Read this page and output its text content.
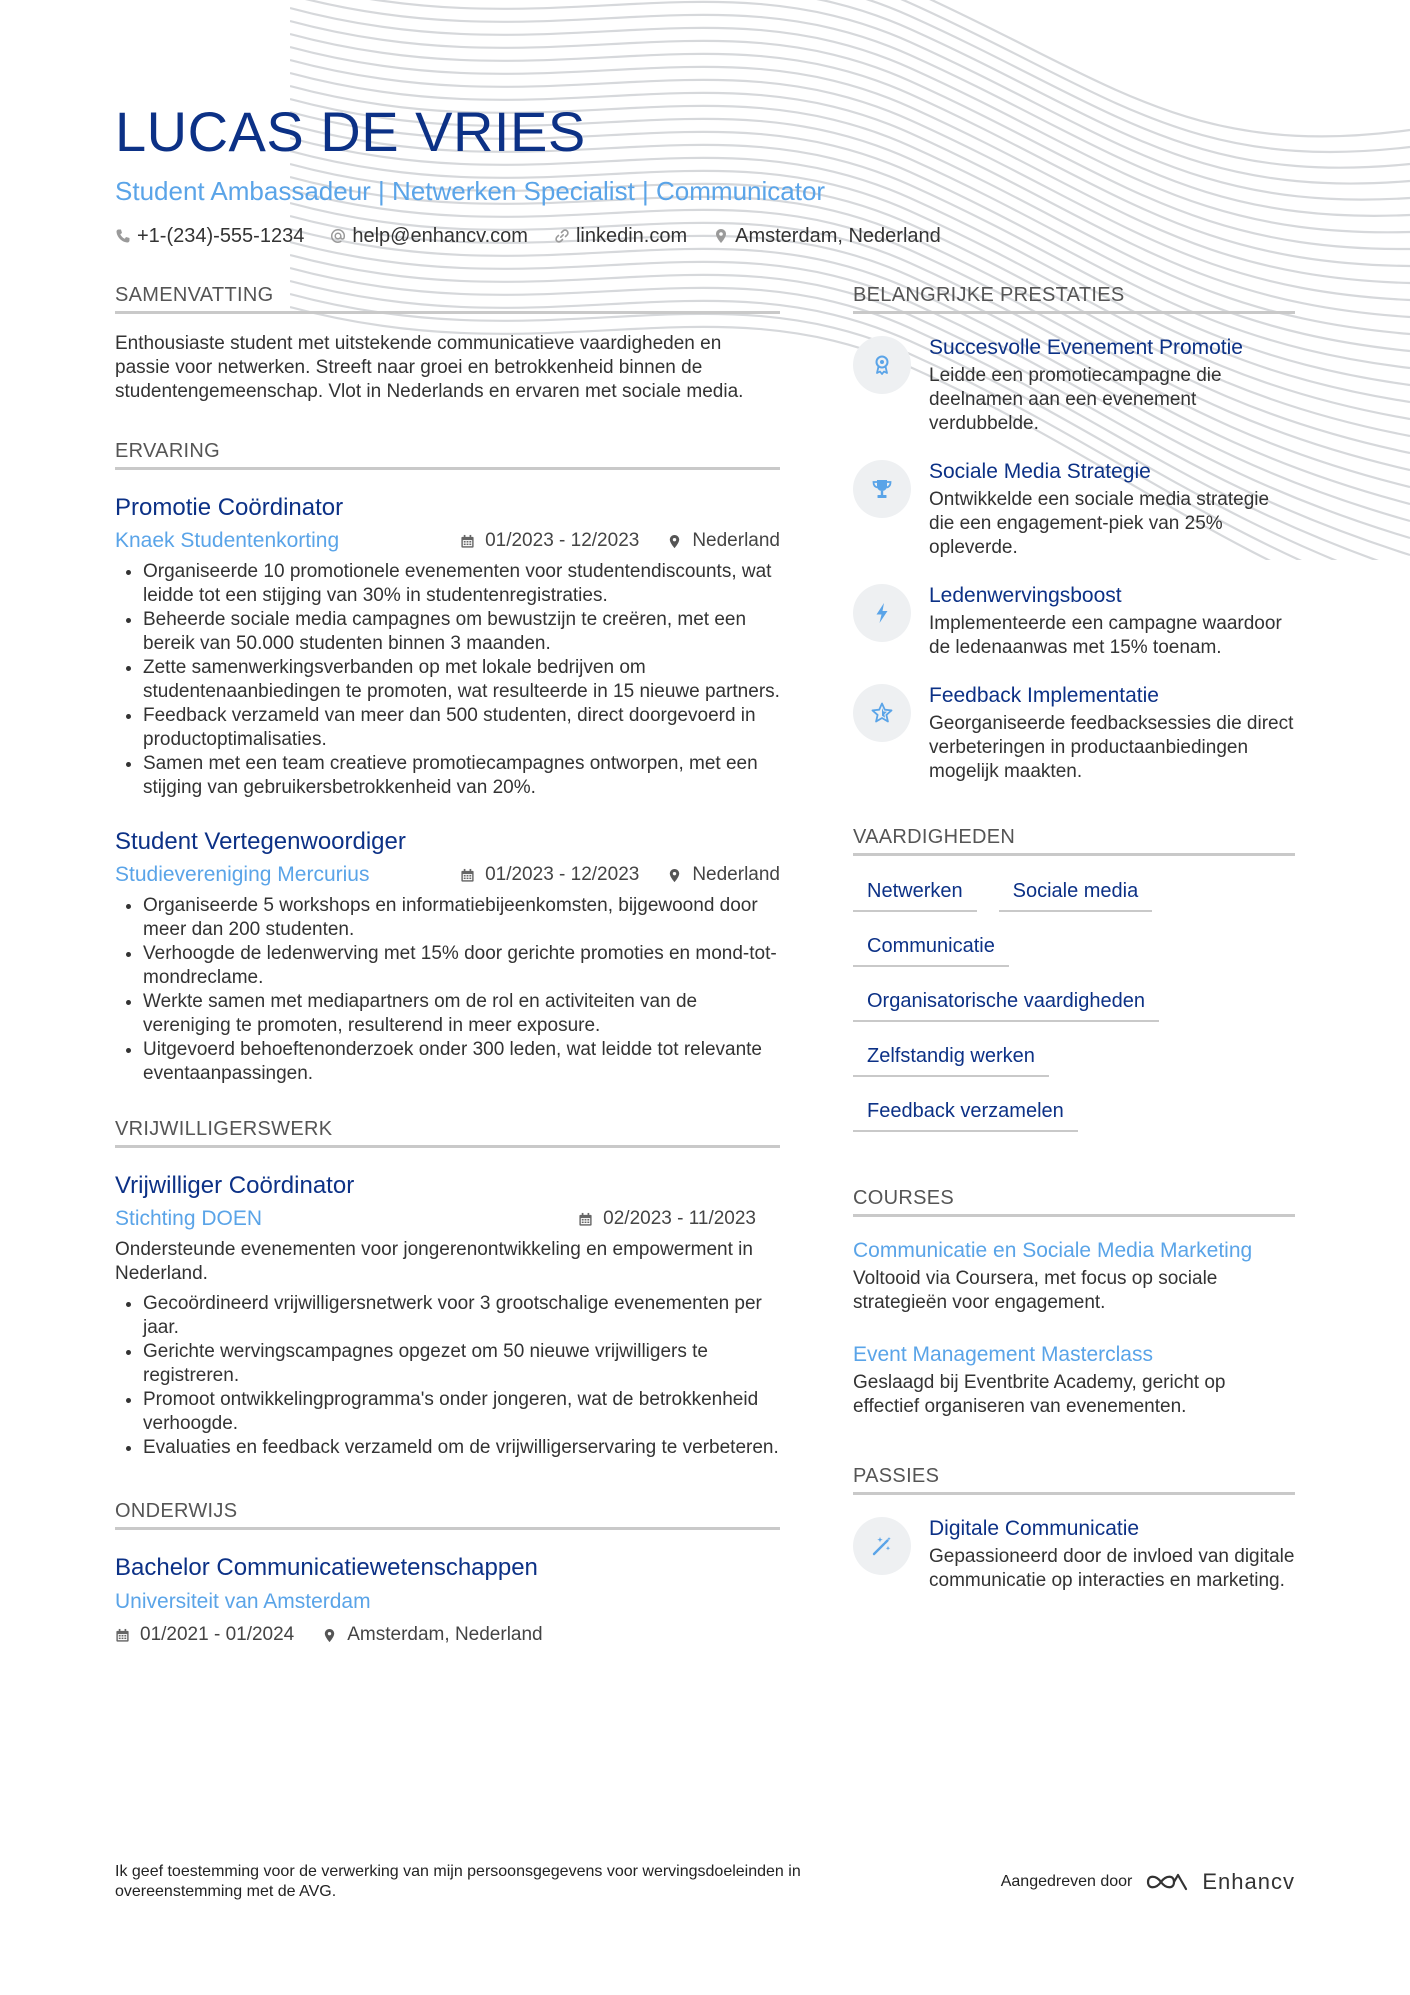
LUCAS DE VRIES
Student Ambassadeur | Netwerken Specialist | Communicator
+1-(234)-555-1234 help@enhancv.com linkedin.com Amsterdam, Nederland
SAMENVATTING

Enthousiaste student met uitstekende communicatieve vaardigheden en passie voor netwerken. Streeft naar groei en betrokkenheid binnen de studentengemeenschap. Vlot in Nederlands en ervaren met sociale media.

ERVARING
Promotie Coördinator
Knaek Studentenkorting	01/2023 - 12/2023	Nederland
Organiseerde 10 promotionele evenementen voor studentendiscounts, wat leidde tot een stijging van 30% in studentenregistraties.
Beheerde sociale media campagnes om bewustzijn te creëren, met een bereik van 50.000 studenten binnen 3 maanden.
Zette samenwerkingsverbanden op met lokale bedrijven om studentenaanbiedingen te promoten, wat resulteerde in 15 nieuwe partners.
Feedback verzameld van meer dan 500 studenten, direct doorgevoerd in productoptimalisaties.
Samen met een team creatieve promotiecampagnes ontworpen, met een stijging van gebruikersbetrokkenheid van 20%.
Student Vertegenwoordiger
Studievereniging Mercurius	01/2023 - 12/2023	Nederland
Organiseerde 5 workshops en informatiebijeenkomsten, bijgewoond door meer dan 200 studenten.
Verhoogde de ledenwerving met 15% door gerichte promoties en mond-tot-mondreclame.
Werkte samen met mediapartners om de rol en activiteiten van de vereniging te promoten, resulterend in meer exposure.
Uitgevoerd behoeftenonderzoek onder 300 leden, wat leidde tot relevante eventaanpassingen.
VRIJWILLIGERSWERK
Vrijwilliger Coördinator
Stichting DOEN	02/2023 - 11/2023

Ondersteunde evenementen voor jongerenontwikkeling en empowerment in Nederland.

Gecoördineerd vrijwilligersnetwerk voor 3 grootschalige evenementen per jaar.
Gerichte wervingscampagnes opgezet om 50 nieuwe vrijwilligers te registreren.
Promoot ontwikkelingprogramma's onder jongeren, wat de betrokkenheid verhoogde.
Evaluaties en feedback verzameld om de vrijwilligerservaring te verbeteren.
ONDERWIJS
Bachelor Communicatiewetenschappen
Universiteit van Amsterdam
01/2021 - 01/2024	Amsterdam, Nederland
BELANGRIJKE PRESTATIES
Succesvolle Evenement Promotie
Leidde een promotiecampagne die deelnamen aan een evenement verdubbelde.
Sociale Media Strategie
Ontwikkelde een sociale media strategie die een engagement-piek van 25% opleverde.
Ledenwervingsboost
Implementeerde een campagne waardoor de ledenaanwas met 15% toenam.
Feedback Implementatie
Georganiseerde feedbacksessies die direct verbeteringen in productaanbiedingen mogelijk maakten.
VAARDIGHEDEN
Netwerken	Sociale media
Communicatie
Organisatorische vaardigheden
Zelfstandig werken
Feedback verzamelen
COURSES
Communicatie en Sociale Media Marketing
Voltooid via Coursera, met focus op sociale strategieën voor engagement.
Event Management Masterclass
Geslaagd bij Eventbrite Academy, gericht op effectief organiseren van evenementen.
PASSIES
Digitale Communicatie
Gepassioneerd door de invloed van digitale communicatie op interacties en marketing.
Ik geef toestemming voor de verwerking van mijn persoonsgegevens voor wervingsdoeleinden in overeenstemming met de AVG.
Aangedreven door	Enhancv
